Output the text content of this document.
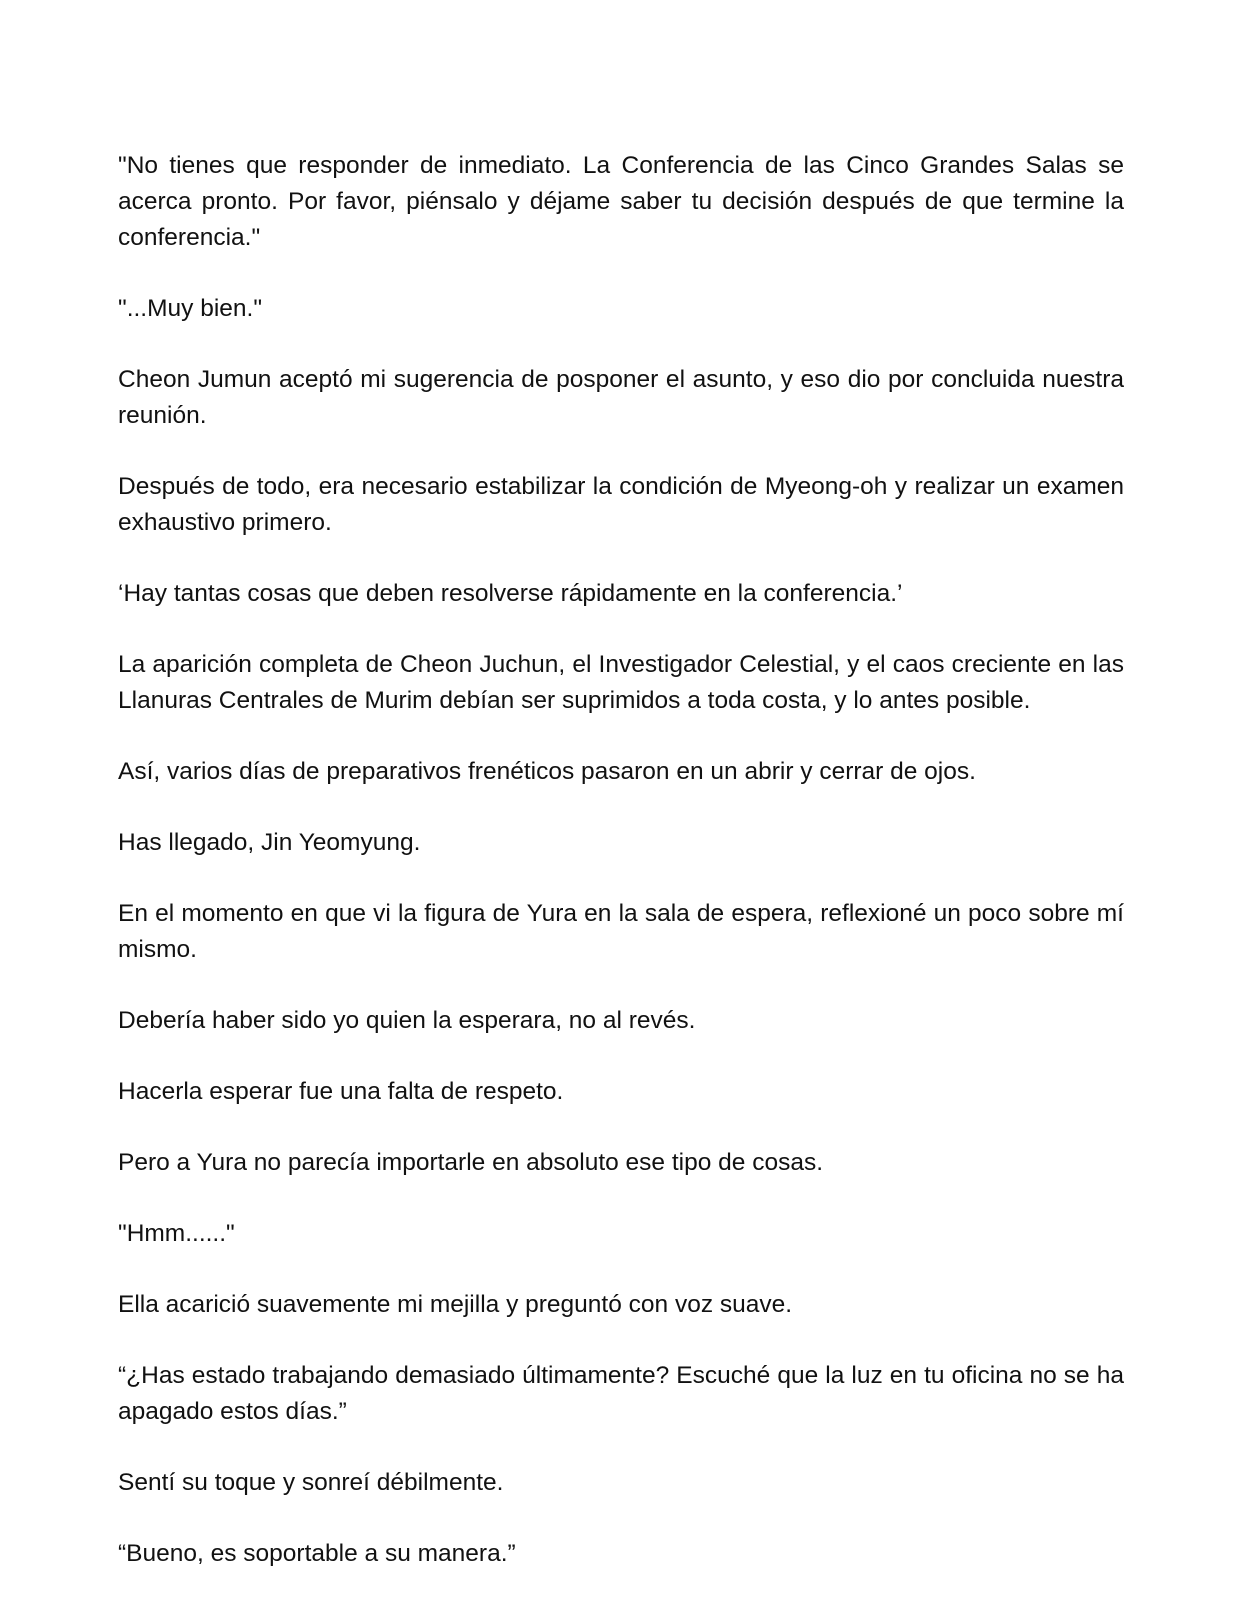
"No tienes que responder de inmediato. La Conferencia de las Cinco Grandes Salas se acerca pronto. Por favor, piénsalo y déjame saber tu decisión después de que termine la conferencia."

"...Muy bien."

Cheon Jumun aceptó mi sugerencia de posponer el asunto, y eso dio por concluida nuestra reunión.

Después de todo, era necesario estabilizar la condición de Myeong-oh y realizar un examen exhaustivo primero.

‘Hay tantas cosas que deben resolverse rápidamente en la conferencia.’

La aparición completa de Cheon Juchun, el Investigador Celestial, y el caos creciente en las Llanuras Centrales de Murim debían ser suprimidos a toda costa, y lo antes posible.

Así, varios días de preparativos frenéticos pasaron en un abrir y cerrar de ojos.

Has llegado, Jin Yeomyung.

En el momento en que vi la figura de Yura en la sala de espera, reflexioné un poco sobre mí mismo.

Debería haber sido yo quien la esperara, no al revés.

Hacerla esperar fue una falta de respeto.

Pero a Yura no parecía importarle en absoluto ese tipo de cosas.

"Hmm......"

Ella acarició suavemente mi mejilla y preguntó con voz suave.

“¿Has estado trabajando demasiado últimamente? Escuché que la luz en tu oficina no se ha apagado estos días.”

Sentí su toque y sonreí débilmente.

“Bueno, es soportable a su manera.”
